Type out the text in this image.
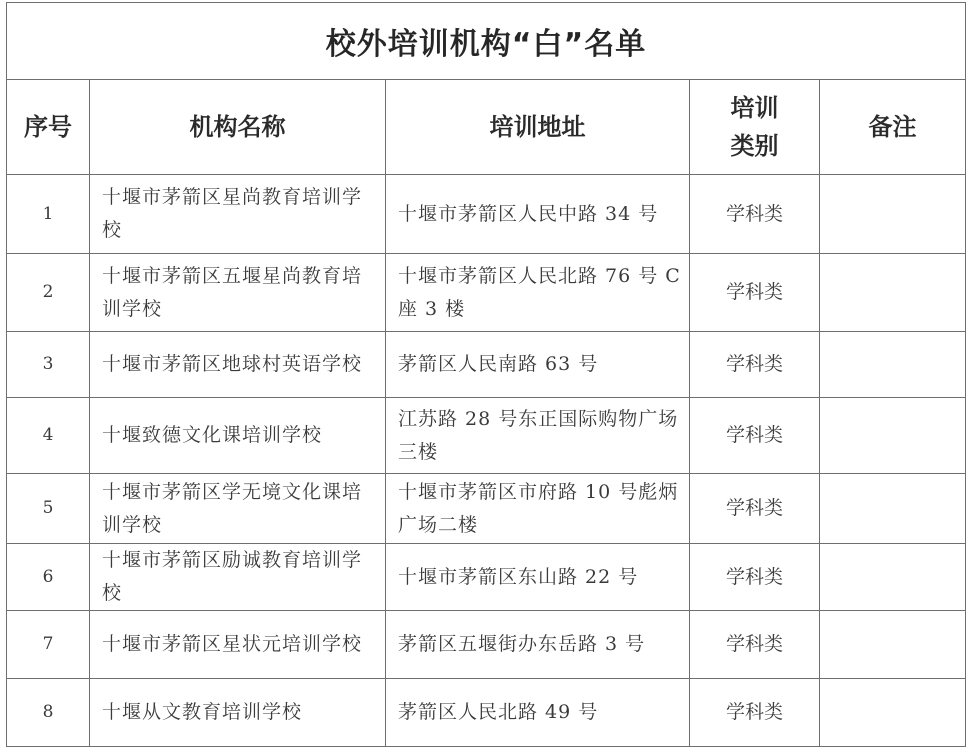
校外培训机构“白”名单				
序号	机构名称	培训地址	培训类别	备注
1	十堰市茅箭区星尚教育培训学校	十堰市茅箭区人民中路 34 号	学科类	
2	十堰市茅箭区五堰星尚教育培训学校	十堰市茅箭区人民北路 76 号 C 座 3 楼	学科类	
3	十堰市茅箭区地球村英语学校	茅箭区人民南路 63 号	学科类	
4	十堰致德文化课培训学校	江苏路 28 号东正国际购物广场三楼	学科类	
5	十堰市茅箭区学无境文化课培训学校	十堰市茅箭区市府路 10 号彪炳广场二楼	学科类	
6	十堰市茅箭区励诚教育培训学校	十堰市茅箭区东山路 22 号	学科类	
7	十堰市茅箭区星状元培训学校	茅箭区五堰街办东岳路 3 号	学科类	
8	十堰从文教育培训学校	茅箭区人民北路 49 号	学科类	
